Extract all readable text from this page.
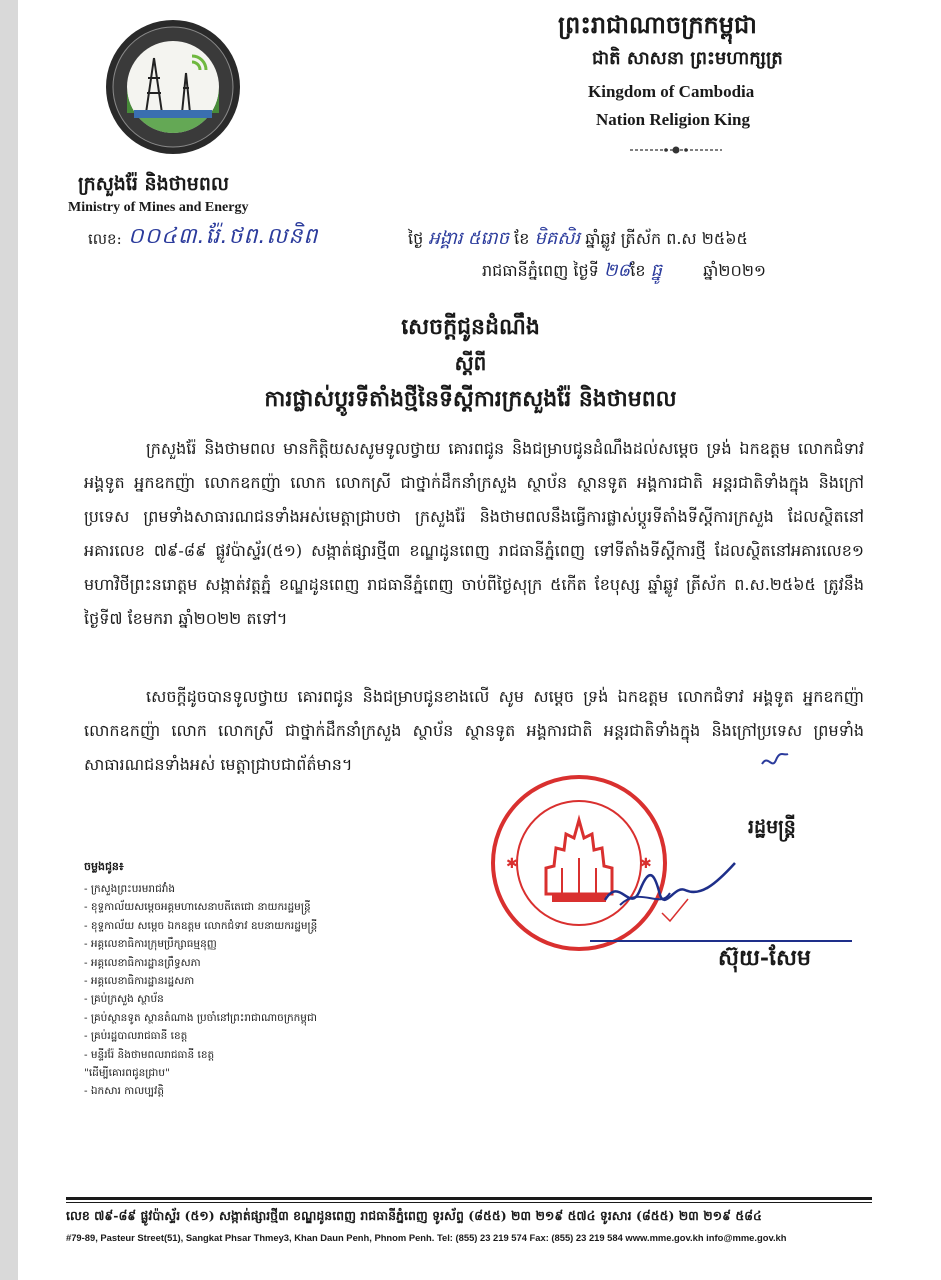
ក្រសួងរ៉ែ និងថាមពល
Ministry of Mines and Energy
លេខ: ០០៤៣.រ៉ែ.ថព.លនិព
ព្រះរាជាណាចក្រកម្ពុជា
ជាតិ សាសនា ព្រះមហាក្សត្រ
Kingdom of Cambodia
Nation Religion King
ថ្ងៃ អង្គារ ៥រោច ខែ មិគសិរ ឆ្នាំឆ្លូវ ត្រីស័ក ព.ស ២៥៦៥
រាជធានីភ្នំពេញ ថ្ងៃទី ២៨ខែ ធ្នូ	ឆ្នាំ២០២១
សេចក្តីជូនដំណឹង
ស្តីពី
ការផ្លាស់ប្តូរទីតាំងថ្មីនៃទីស្តីការក្រសួងរ៉ែ និងថាមពល
ក្រសួងរ៉ែ និងថាមពល មានកិត្តិយសសូមទូលថ្វាយ គោរពជូន និងជម្រាបជូនដំណឹងដល់សម្តេច ទ្រង់ ឯកឧត្តម លោកជំទាវ អង្គទូត អ្នកឧកញ៉ា លោកឧកញ៉ា លោក លោកស្រី ជាថ្នាក់ដឹកនាំក្រសួង ស្ថាប័ន ស្ថានទូត អង្គការជាតិ អន្តរជាតិទាំងក្នុង និងក្រៅប្រទេស ព្រមទាំងសាធារណជនទាំងអស់មេត្តាជ្រាបថា ក្រសួងរ៉ែ និងថាមពលនឹងធ្វើការផ្លាស់ប្តូរទីតាំងទីស្តីការក្រសួង ដែលស្ថិតនៅអគារលេខ ៧៩-៨៩ ផ្លូវប៉ាស្ទ័រ(៥១) សង្កាត់ផ្សារថ្មី៣ ខណ្ឌដូនពេញ រាជធានីភ្នំពេញ ទៅទីតាំងទីស្តីការថ្មី ដែលស្ថិតនៅអគារលេខ១ មហាវិថីព្រះនរោត្តម សង្កាត់វត្តភ្នំ ខណ្ឌដូនពេញ រាជធានីភ្នំពេញ ចាប់ពីថ្ងៃសុក្រ ៥កើត ខែបុស្ស ឆ្នាំឆ្លូវ ត្រីស័ក ព.ស.២៥៦៥ ត្រូវនឹងថ្ងៃទី៧ ខែមករា ឆ្នាំ២០២២ តទៅ។
សេចក្តីដូចបានទូលថ្វាយ គោរពជូន និងជម្រាបជូនខាងលើ សូម សម្តេច ទ្រង់ ឯកឧត្តម លោកជំទាវ អង្គទូត អ្នកឧកញ៉ា លោកឧកញ៉ា លោក លោកស្រី ជាថ្នាក់ដឹកនាំក្រសួង ស្ថាប័ន ស្ថានទូត អង្គការជាតិ អន្តរជាតិទាំងក្នុង និងក្រៅប្រទេស ព្រមទាំងសាធារណជនទាំងអស់ មេត្តាជ្រាបជាព័ត៌មាន។
✱	✱
រដ្ឋមន្ត្រី
ស៊ុយ-សែម
ចម្លងជូន៖
- ក្រសួងព្រះបរមរាជវាំង
- ខុទ្ទកាល័យសម្តេចអគ្គមហាសេនាបតីតេជោ នាយករដ្ឋមន្ត្រី
- ខុទ្ទកាល័យ សម្តេច ឯកឧត្តម លោកជំទាវ ឧបនាយករដ្ឋមន្ត្រី
- អគ្គលេខាធិការក្រុមប្រឹក្សាធម្មនុញ្ញ
- អគ្គលេខាធិការដ្ឋានព្រឹទ្ធសភា
- អគ្គលេខាធិការដ្ឋានរដ្ឋសភា
- គ្រប់ក្រសួង ស្ថាប័ន
- គ្រប់ស្ថានទូត ស្ថានតំណាង ប្រចាំនៅព្រះរាជាណាចក្រកម្ពុជា
- គ្រប់រដ្ឋបាលរាជធានី ខេត្ត
- មន្ទីររ៉ែ និងថាមពលរាជធានី ខេត្ត
"ដើម្បីគោរពជូនជ្រាប"
- ឯកសារ កាលប្បវត្តិ
លេខ ៧៩-៨៩ ផ្លូវប៉ាស្ទ័រ (៥១) សង្កាត់ផ្សារថ្មី៣ ខណ្ឌដូនពេញ រាជធានីភ្នំពេញ ទូរស័ព្ទ (៨៥៥) ២៣ ២១៩ ៥៧៤ ទូរសារ (៨៥៥) ២៣ ២១៩ ៥៨៤
#79-89, Pasteur Street(51), Sangkat Phsar Thmey3, Khan Daun Penh, Phnom Penh. Tel: (855) 23 219 574 Fax: (855) 23 219 584 www.mme.gov.kh info@mme.gov.kh
